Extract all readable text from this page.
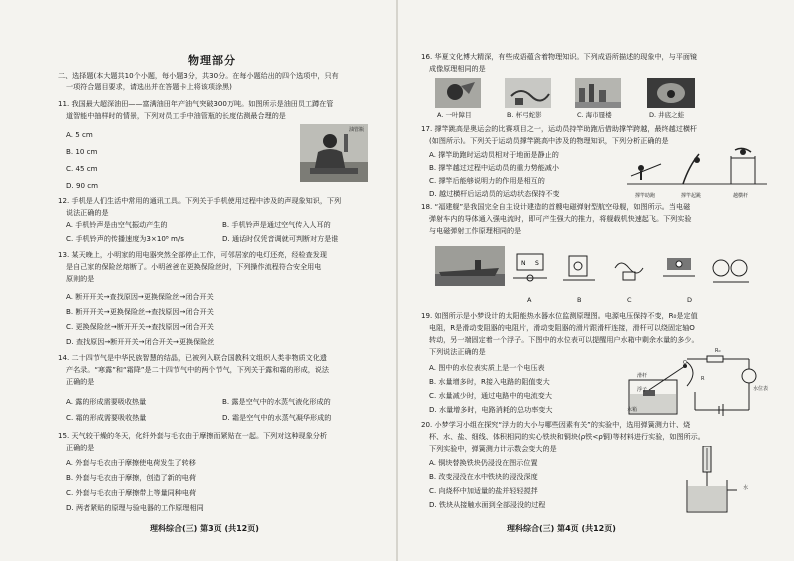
物理部分
二、选择题(本大题共10个小题，每小题3分，共30分。在每小题给出的四个选项中，只有
一项符合题目要求，请选出并在答题卡上将该项涂黑)
11. 我国最大超深油田——富满油田年产油气突破300万吨。如图所示是油田员工蹲在管
道智能中抽样时的情景，下列对员工手中油管瓶的长度估测最合理的是
A. 5 cm
B. 10 cm
C. 45 cm
D. 90 cm
油管瓶
12. 手机是人们生活中常用的通讯工具。下列关于手机使用过程中涉及的声现象知识，下列
说法正确的是
A. 手机铃声是由空气振动产生的	B. 手机铃声是通过空气传入人耳的
C. 手机铃声的传播速度为3×10⁸ m/s	D. 通话时仅凭音调就可判断对方是谁
13. 某天晚上，小明家的用电器突然全部停止工作，可邻居家的电灯还亮，经检查发现
是自己家的保险丝熔断了。小明爸爸在更换保险丝时，下列操作流程符合安全用电
原则的是
A. 断开开关→查找原因→更换保险丝→闭合开关
B. 断开开关→更换保险丝→查找原因→闭合开关
C. 更换保险丝→断开开关→查找原因→闭合开关
D. 查找原因→断开开关→闭合开关→更换保险丝
14. 二十四节气是中华民族智慧的结晶，已被列入联合国教科文组织人类非物质文化遗
产名录。“寒露”和“霜降”是二十四节气中的两个节气，下列关于露和霜的形成，说法
正确的是
A. 露的形成需要吸收热量	B. 露是空气中的水蒸气液化形成的
C. 霜的形成需要吸收热量	D. 霜是空气中的水蒸气凝华形成的
15. 天气较干燥的冬天，化纤外套与毛衣由于摩擦而紧贴在一起。下列对这种现象分析
正确的是
A. 外套与毛衣由于摩擦使电荷发生了转移
B. 外套与毛衣由于摩擦，创造了新的电荷
C. 外套与毛衣由于摩擦带上等量同种电荷
D. 两者紧贴的原理与验电器的工作原理相同
理科综合(三) 第3页 (共12页)
16. 华夏文化博大精深，有些成语蕴含着物理知识。下列成语所描述的现象中，与平面镜
成像原理相同的是
A. 一叶障目	B. 杯弓蛇影	C. 海市蜃楼	D. 井底之蛙
17. 撑竿跳高是奥运会的比赛项目之一，运动员持竿助跑后借助撑竿跨越，最终越过横杆
(如图所示)。下列关于运动员撑竿跳高中涉及的物理知识，下列分析正确的是
A. 撑竿助跑时运动员相对于地面是静止的
B. 撑竿越过过程中运动员的重力势能减小
C. 撑竿后能够说明力的作用是相互的
D. 越过横杆后运动员的运动状态保持不变	撑竿助跑	撑竿起跳	越横杆
18. “福建舰”是我国完全自主设计建造的首艘电磁弹射型航空母舰，如图所示。当电磁
弹射车内的导体通入强电流时，即可产生强大的推力，将舰载机快速起飞。下列实验
与电磁弹射工作原理相同的是
N S
A	B	C	D
19. 如图所示是小梦设计的太阳能热水器水位监测原理图。电源电压保持不变，R₀是定值
电阻，R是滑动变阻器的电阻片，滑动变阻器的滑片跟滑杆连接，滑杆可以绕固定轴O
转动，另一端固定着一个浮子。下图中的水位表可以提醒用户水箱中剩余水量的多少。
下列说法正确的是
A. 图中的水位表实质上是一个电压表
B. 水量增多时，R接入电路的阻值变大
C. 水量减少时，通过电路中的电流变大
D. 水量增多时，电路消耗的总功率变大
滑杆
浮子
水箱
R₀
水位表
O
R
20. 小梦学习小组在探究“浮力的大小与哪些因素有关”的实验中，选用弹簧测力计、烧
杯、水、盐、细线、体积相同的实心铁块和铜块(ρ铁<ρ铜)等材料进行实验，如图所示。
下列实验中，弹簧测力计示数会变大的是
A. 铜块替换铁块仍浸没在图示位置
B. 改变浸没在水中铁块的浸没深度
C. 向烧杯中加适量的盐并轻轻搅拌
D. 铁块从接触水面到全部浸没的过程
水
理科综合(三) 第4页 (共12页)
